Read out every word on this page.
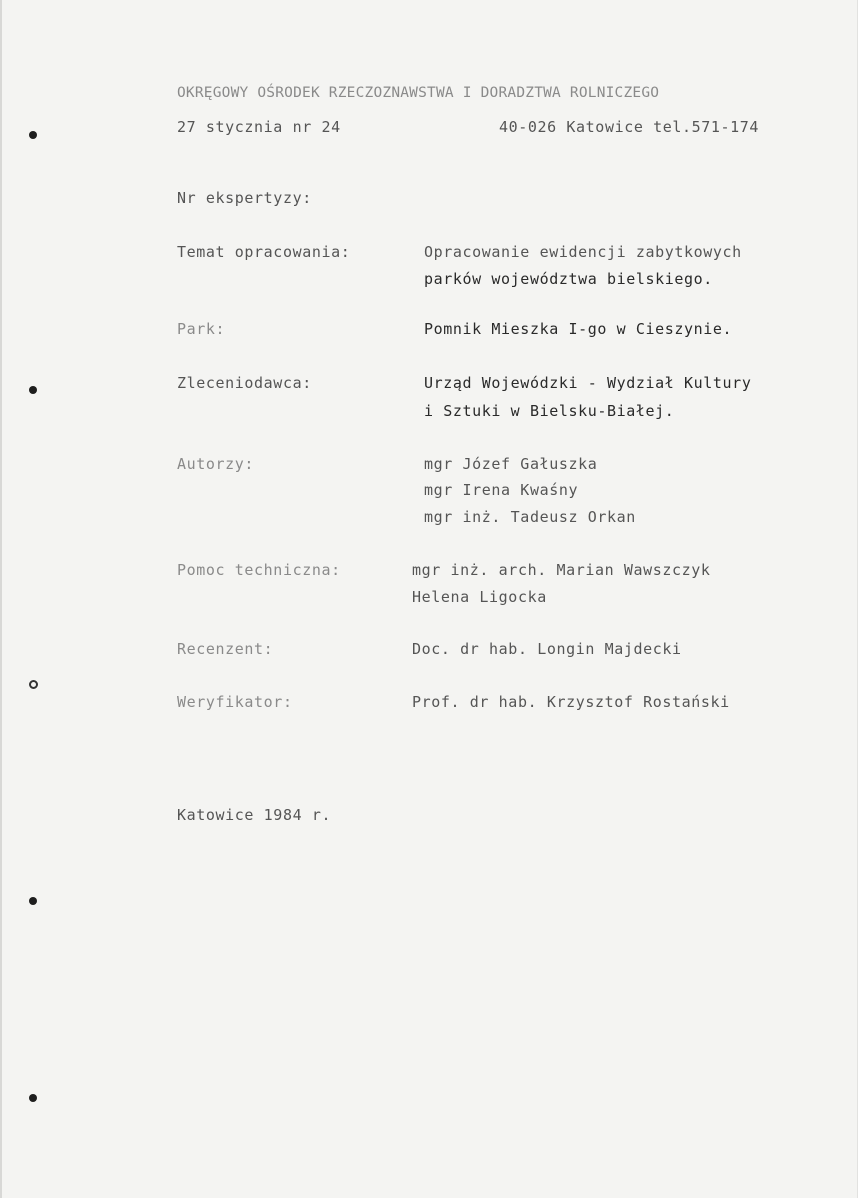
OKRĘGOWY OŚRODEK RZECZOZNAWSTWA I DORADZTWA ROLNICZEGO
27 stycznia nr 24	40-026 Katowice tel.571-174
Nr ekspertyzy:
Temat opracowania:	Opracowanie ewidencji zabytkowych
parków województwa bielskiego.
Park:	Pomnik Mieszka I-go w Cieszynie.
Zleceniodawca:	Urząd Wojewódzki - Wydział Kultury
i Sztuki w Bielsku-Białej.
Autorzy:	mgr Józef Gałuszka
mgr Irena Kwaśny
mgr inż. Tadeusz Orkan
Pomoc techniczna:	mgr inż. arch. Marian Wawszczyk
Helena Ligocka
Recenzent:	Doc. dr hab. Longin Majdecki
Weryfikator:	Prof. dr hab. Krzysztof Rostański
Katowice 1984 r.
